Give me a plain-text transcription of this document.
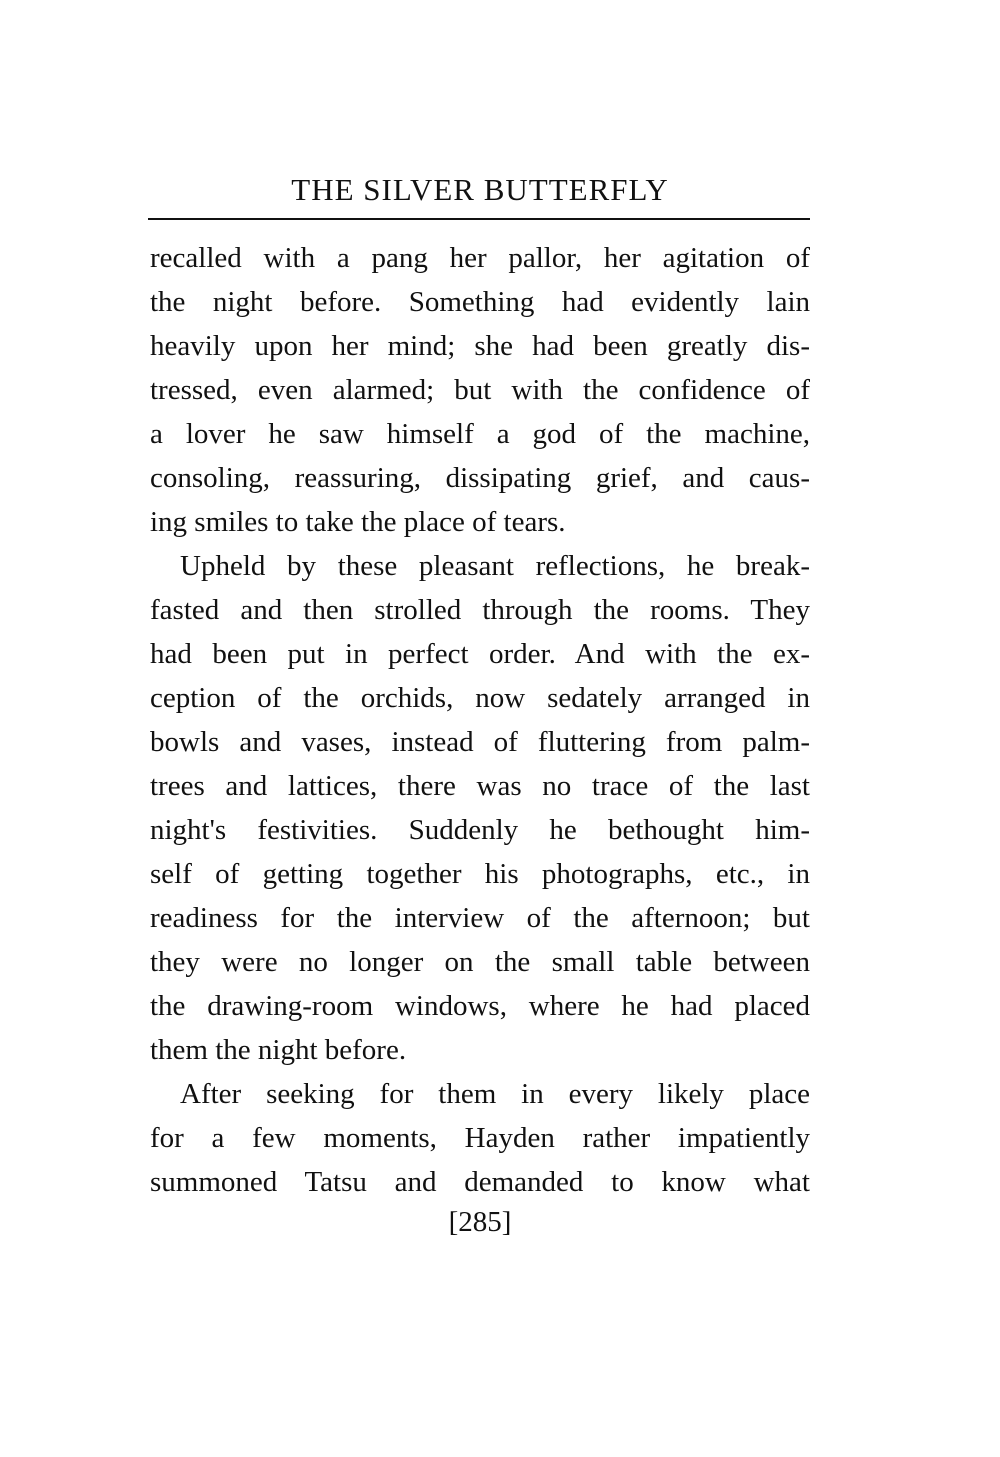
THE SILVER BUTTERFLY
recalled with a pang her pallor, her agitation of
the night before. Something had evidently lain
heavily upon her mind; she had been greatly dis-
tressed, even alarmed; but with the confidence of
a lover he saw himself a god of the machine,
consoling, reassuring, dissipating grief, and caus-
ing smiles to take the place of tears.
Upheld by these pleasant reflections, he break-
fasted and then strolled through the rooms. They
had been put in perfect order. And with the ex-
ception of the orchids, now sedately arranged in
bowls and vases, instead of fluttering from palm-
trees and lattices, there was no trace of the last
night's festivities. Suddenly he bethought him-
self of getting together his photographs, etc., in
readiness for the interview of the afternoon; but
they were no longer on the small table between
the drawing-room windows, where he had placed
them the night before.
After seeking for them in every likely place
for a few moments, Hayden rather impatiently
summoned Tatsu and demanded to know what
[285]
